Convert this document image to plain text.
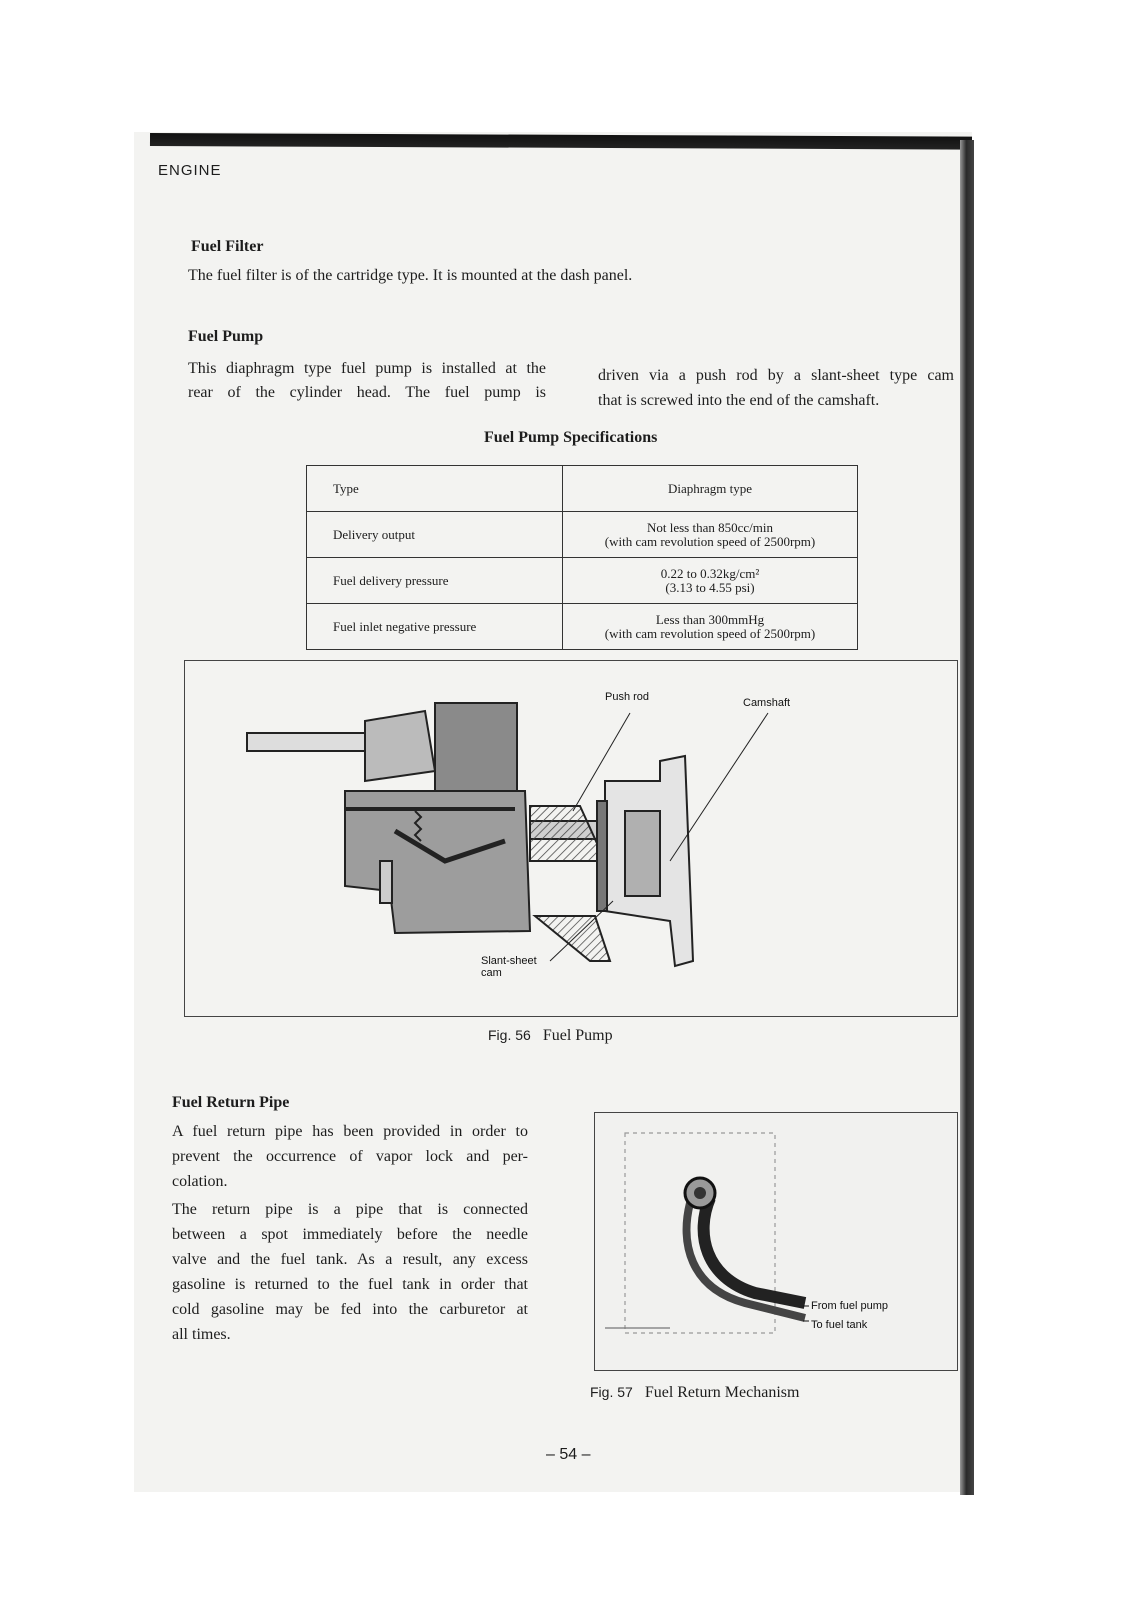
ENGINE
Fuel Filter
The fuel filter is of the cartridge type. It is mounted at the dash panel.
Fuel Pump
This diaphragm type fuel pump is installed at the
rear of the cylinder head. The fuel pump is
driven via a push rod by a slant-sheet type cam
that is screwed into the end of the camshaft.
Fuel Pump Specifications
Type	Diaphragm type

Delivery output	Not less than 850cc/min
(with cam revolution speed of 2500rpm)

Fuel delivery pressure	0.22 to 0.32kg/cm²
(3.13 to 4.55 psi)

Fuel inlet negative pressure	Less than 300mmHg
(with cam revolution speed of 2500rpm)
Push rod	Camshaft
Slant-sheet
cam
Fig. 56 Fuel Pump
Fuel Return Pipe
A fuel return pipe has been provided in order to
prevent the occurrence of vapor lock and per-
colation.
The return pipe is a pipe that is connected
between a spot immediately before the needle
valve and the fuel tank. As a result, any excess
gasoline is returned to the fuel tank in order that
cold gasoline may be fed into the carburetor at
all times.
From fuel pump
To fuel tank
Fig. 57 Fuel Return Mechanism
– 54 –
